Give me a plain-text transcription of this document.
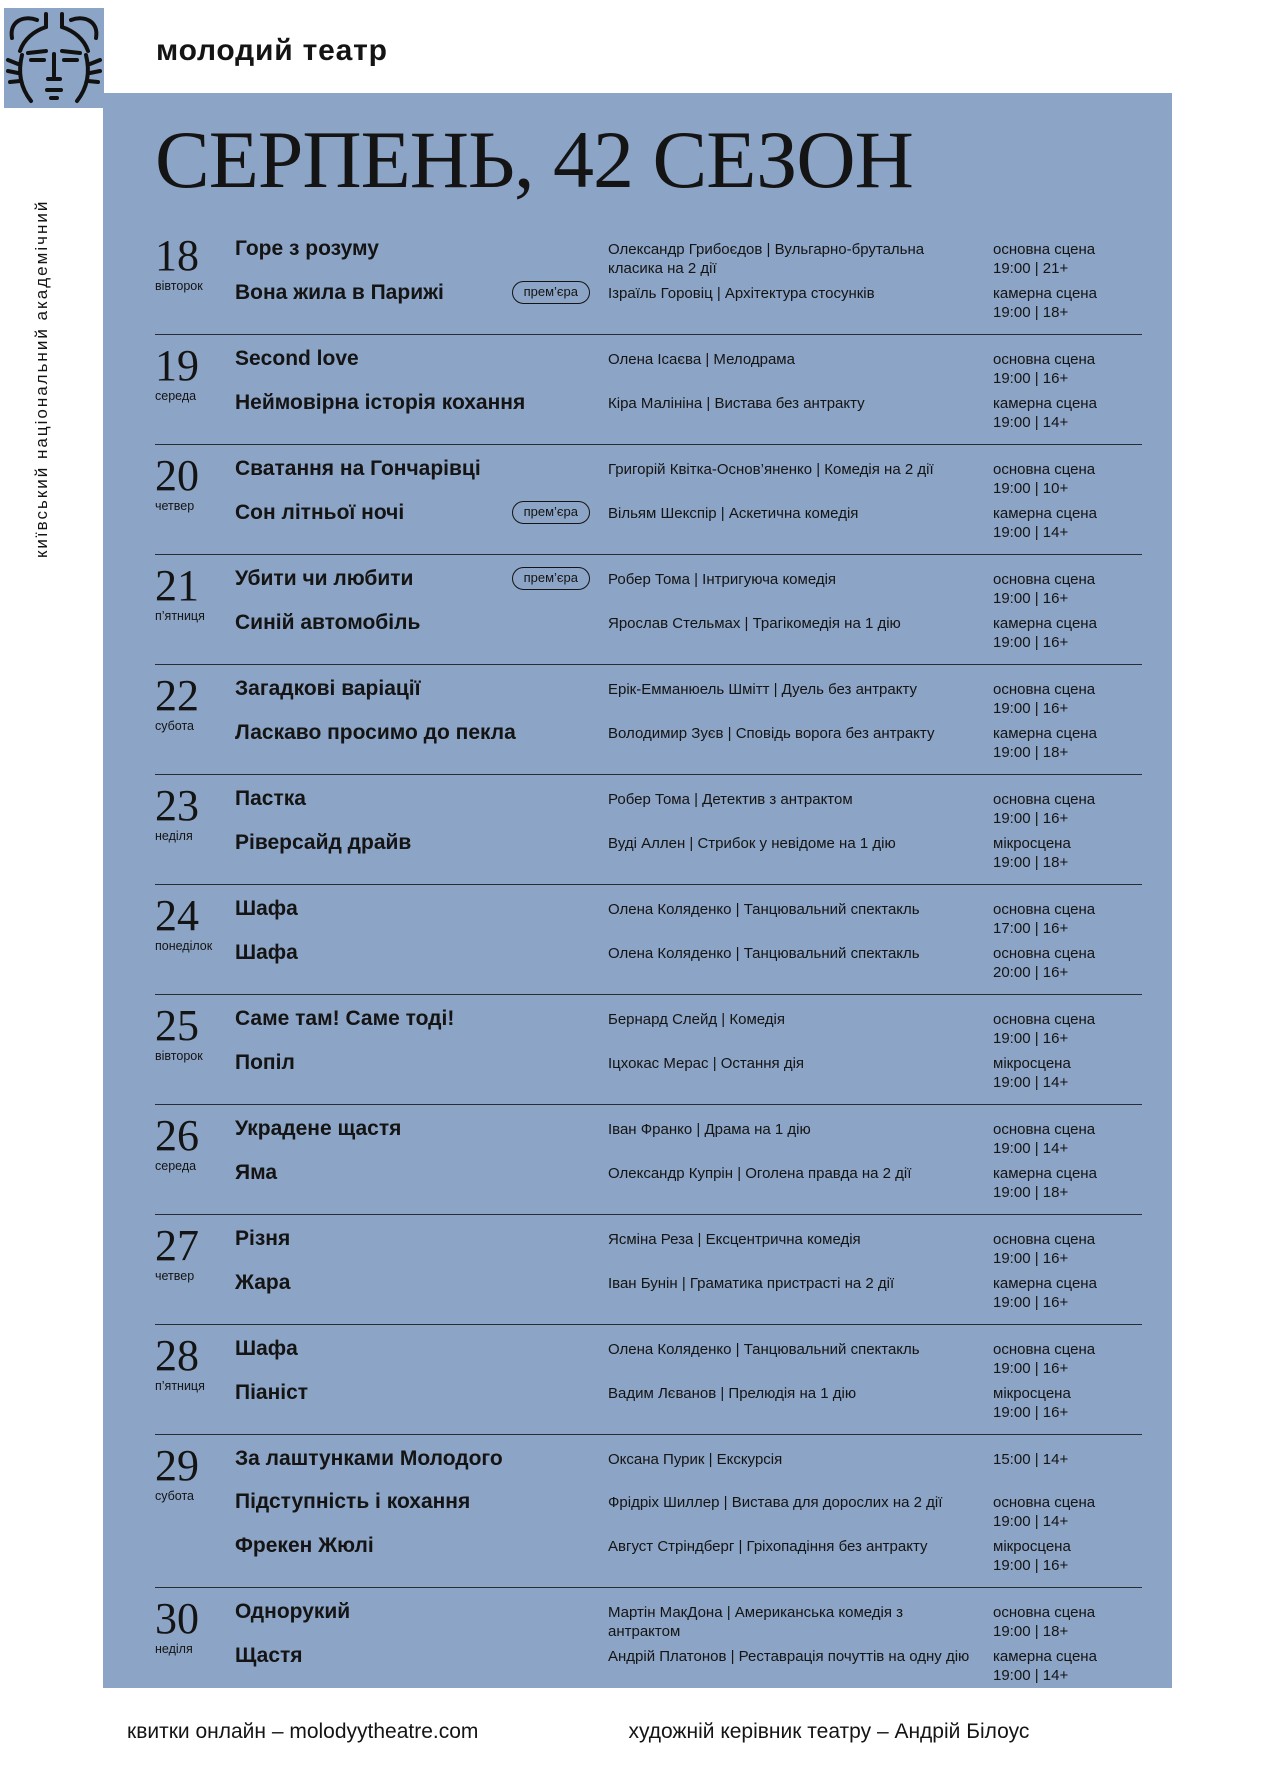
молодий театр
київський національний академічний
СЕРПЕНЬ, 42 СЕЗОН
18
вівторок
Горе з розуму	Олександр Грибоєдов | Вульгарно-брутальна класика на 2 дії
основна сцена
19:00 | 21+
Вона жила в Парижі	прем’єра	Ізраїль Горовіц | Архітектура стосунків	камерна сцена
19:00 | 18+
19
середа
Second love	Олена Ісаєва | Мелодрама	основна сцена
19:00 | 16+
Неймовірна історія кохання	Кіра Малініна | Вистава без антракту	камерна сцена
19:00 | 14+
20
четвер
Сватання на Гончарівці	Григорій Квітка-Основ’яненко | Комедія на 2 дії	основна сцена
19:00 | 10+
Сон літньої ночі	прем’єра	Вільям Шекспір | Аскетична комедія	камерна сцена
19:00 | 14+
21
п’ятниця
Убити чи любити	прем’єра	Робер Тома | Інтригуюча комедія	основна сцена
19:00 | 16+
Синій автомобіль	Ярослав Стельмах | Трагікомедія на 1 дію	камерна сцена
19:00 | 16+
22
субота
Загадкові варіації	Ерік-Емманюель Шмітт | Дуель без антракту	основна сцена
19:00 | 16+
Ласкаво просимо до пекла	Володимир Зуєв | Сповідь ворога без антракту	камерна сцена
19:00 | 18+
23
неділя
Пастка	Робер Тома | Детектив з антрактом	основна сцена
19:00 | 16+
Ріверсайд драйв	Вуді Аллен | Стрибок у невідоме на 1 дію	мікросцена
19:00 | 18+
24
понеділок
Шафа	Олена Коляденко | Танцювальний спектакль	основна сцена
17:00 | 16+
Шафа	Олена Коляденко | Танцювальний спектакль	основна сцена
20:00 | 16+
25
вівторок
Саме там! Саме тоді!	Бернард Слейд | Комедія	основна сцена
19:00 | 16+
Попіл	Іцхокас Мерас | Остання дія	мікросцена
19:00 | 14+
26
середа
Украдене щастя	Іван Франко | Драма на 1 дію	основна сцена
19:00 | 14+
Яма	Олександр Купрін | Оголена правда на 2 дії	камерна сцена
19:00 | 18+
27
четвер
Різня	Ясміна Реза | Ексцентрична комедія	основна сцена
19:00 | 16+
Жара	Іван Бунін | Граматика пристрасті на 2 дії	камерна сцена
19:00 | 16+
28
п’ятниця
Шафа	Олена Коляденко | Танцювальний спектакль	основна сцена
19:00 | 16+
Піаніст	Вадим Лєванов | Прелюдія на 1 дію	мікросцена
19:00 | 16+
29
субота
За лаштунками Молодого	Оксана Пурик | Екскурсія	15:00 | 14+
Підступність і кохання	Фрідріх Шиллер | Вистава для дорослих на 2 дії	основна сцена
19:00 | 14+
Фрекен Жюлі	Август Стріндберг | Гріхопадіння без антракту	мікросцена
19:00 | 16+
30
неділя
Однорукий	Мартін МакДона | Американська комедія з антрактом
основна сцена
19:00 | 18+
Щастя	Андрій Платонов | Реставрація почуттів на одну дію	камерна сцена
19:00 | 14+
квитки онлайн – molodyytheatre.com	художній керівник театру – Андрій Білоус
